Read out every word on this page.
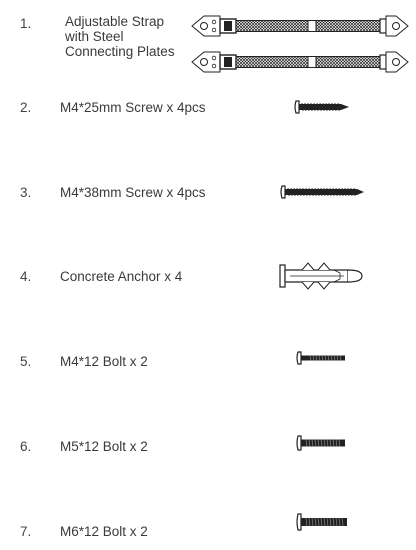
1. Adjustable Strap
with Steel
Connecting Plates
2. M4*25mm Screw x 4pcs
3. M4*38mm Screw x 4pcs
4. Concrete Anchor x 4
5. M4*12 Bolt x 2
6. M5*12 Bolt x 2
7. M6*12 Bolt x 2
